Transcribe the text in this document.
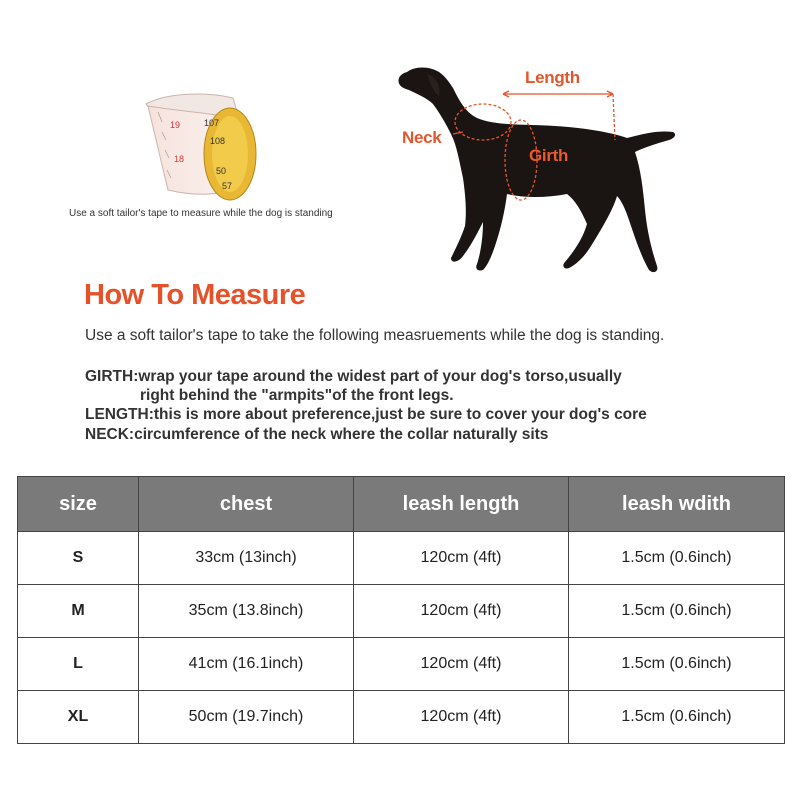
107
108
50
57
19
18
Use a soft tailor's tape to measure while the dog is standing
Length
Neck
Girth
How To Measure
Use a soft tailor's tape to take the following measruements while the dog is standing.
GIRTH:wrap your tape around the widest part of your dog's torso,usually
right behind the "armpits"of the front legs.
LENGTH:this is more about preference,just be sure to cover your dog's core
NECK:circumference of the neck where the collar naturally sits
size	chest	leash length	leash wdith
S	33cm (13inch)	120cm (4ft)	1.5cm (0.6inch)
M	35cm (13.8inch)	120cm (4ft)	1.5cm (0.6inch)
L	41cm (16.1inch)	120cm (4ft)	1.5cm (0.6inch)
XL	50cm (19.7inch)	120cm (4ft)	1.5cm (0.6inch)
